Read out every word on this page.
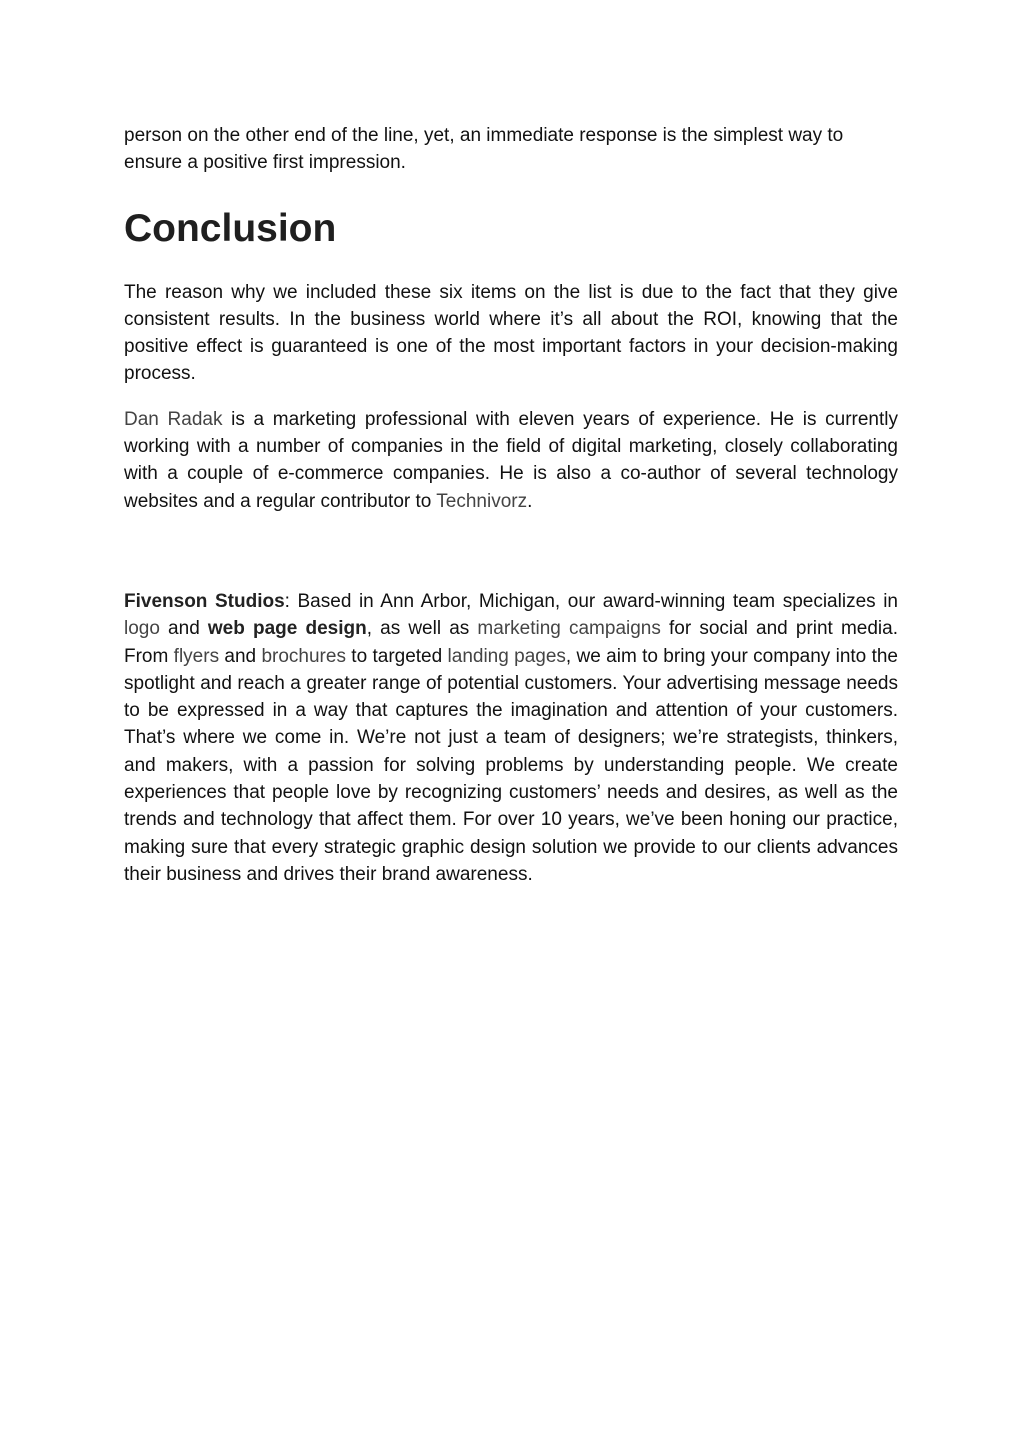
person on the other end of the line, yet, an immediate response is the simplest way to ensure a positive first impression.

Conclusion

The reason why we included these six items on the list is due to the fact that they give consistent results. In the business world where it’s all about the ROI, knowing that the positive effect is guaranteed is one of the most important factors in your decision-making process.

Dan Radak is a marketing professional with eleven years of experience. He is currently working with a number of companies in the field of digital marketing, closely collaborating with a couple of e-commerce companies. He is also a co-author of several technology websites and a regular contributor to Technivorz.

Fivenson Studios: Based in Ann Arbor, Michigan, our award-winning team specializes in logo and web page design, as well as marketing campaigns for social and print media. From flyers and brochures to targeted landing pages, we aim to bring your company into the spotlight and reach a greater range of potential customers. Your advertising message needs to be expressed in a way that captures the imagination and attention of your customers. That’s where we come in. We’re not just a team of designers; we’re strategists, thinkers, and makers, with a passion for solving problems by understanding people. We create experiences that people love by recognizing customers’ needs and desires, as well as the trends and technology that affect them. For over 10 years, we’ve been honing our practice, making sure that every strategic graphic design solution we provide to our clients advances their business and drives their brand awareness.
